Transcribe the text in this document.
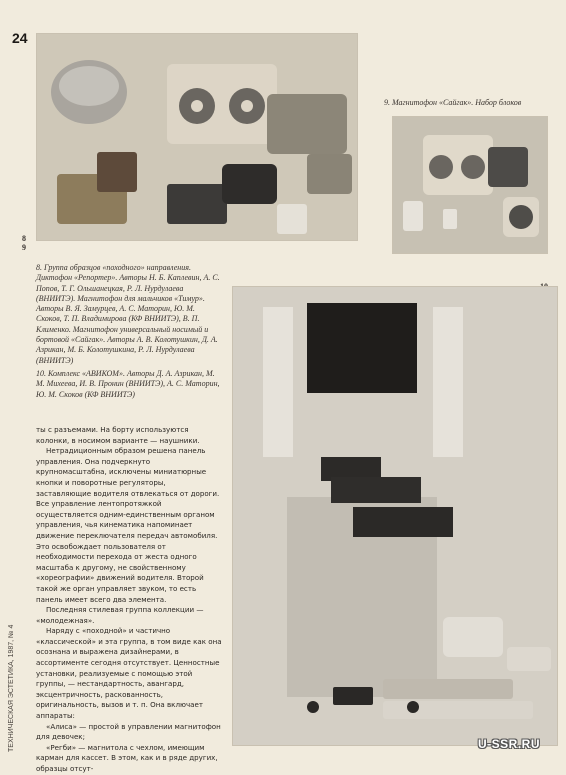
24
8
9
9. Магнитофон «Сайгак». Набор блоков

8. Группа образцов «походного» направления. Диктофон «Репортер». Авторы Н. Б. Каплевин, А. С. Попов, Т. Г. Ольшанецкая, Р. Л. Нурдулаева (ВНИИТЭ). Магнитофон для мальчиков «Тимур». Авторы В. Я. Замурцев, А. С. Маторин, Ю. М. Скоков, Т. П. Владимирова (КФ ВНИИТЭ), В. П. Клименко. Магнитофон универсальный носимый и бортовой «Сайгак». Авторы А. В. Колотушкин, Д. А. Азрикан, М. Б. Колотушкина, Р. Л. Нурдулаева (ВНИИТЭ)

10. Комплекс «АВИКОМ». Авторы Д. А. Азрикан, М. М. Михеева, И. В. Пронин (ВНИИТЭ), А. С. Маторин, Ю. М. Скоков (КФ ВНИИТЭ)

ты с разъемами. На борту используются колонки, в носимом варианте — наушники.

Нетрадиционным образом решена панель управления. Она подчеркнуто крупномасштабна, исключены миниатюрные кнопки и поворотные регуляторы, заставляющие водителя отвлекаться от дороги. Все управление лентопротяжкой осуществляется одним-единственным органом управления, чья кинематика напоминает движение переключателя передач автомобиля. Это освобождает пользователя от необходимости перехода от жеста одного масштаба к другому, не свойственному «хореографии» движений водителя. Второй такой же орган управляет звуком, то есть панель имеет всего два элемента.

Последняя стилевая группа коллекции — «молодежная».

Наряду с «походной» и частично «классической» и эта группа, в том виде как она осознана и выражена дизайнерами, в ассортименте сегодня отсутствует. Ценностные установки, реализуемые с помощью этой группы, — нестандартность, авангард, эксцентричность, раскованность, оригинальность, вызов и т. п. Она включает аппараты:

«Алиса» — простой в управлении магнитофон для девочек;

«Регби» — магнитола с чехлом, имеющим карман для кассет. В этом, как и в ряде других, образцы отсут-

ТЕХНИЧЕСКАЯ ЭСТЕТИКА, 1987, № 4	U-SSR.RU
